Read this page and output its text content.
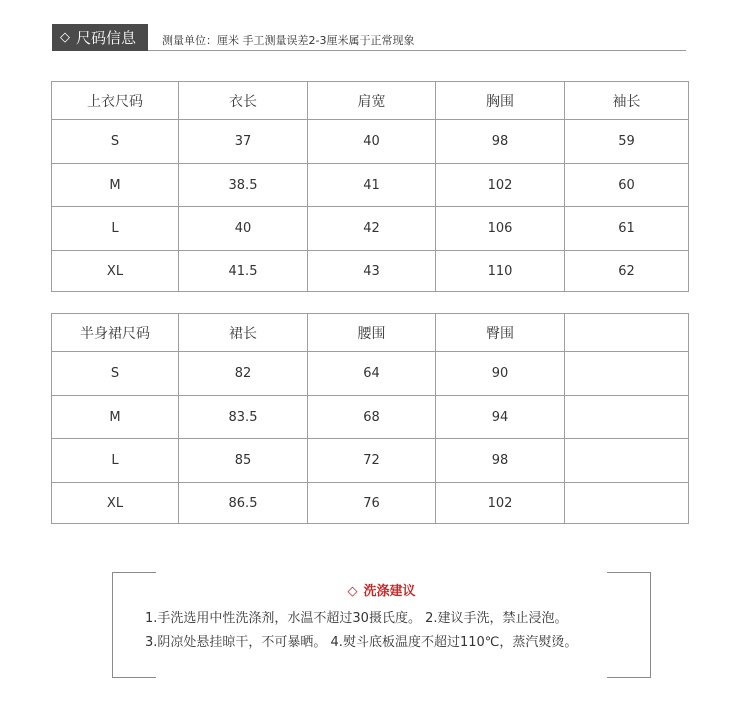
◇ 尺码信息 测量单位：厘米 手工测量误差2-3厘米属于正常现象
上衣尺码	衣长	肩宽	胸围	袖长
S	37	40	98	59
M	38.5	41	102	60
L	40	42	106	61
XL	41.5	43	110	62
半身裙尺码	裙长	腰围	臀围	
S	82	64	90	
M	83.5	68	94	
L	85	72	98	
XL	86.5	76	102	
◇ 洗涤建议
1.手洗选用中性洗涤剂，水温不超过30摄氏度。 2.建议手洗，禁止浸泡。
3.阴凉处悬挂晾干，不可暴晒。 4.熨斗底板温度不超过110℃，蒸汽熨烫。
